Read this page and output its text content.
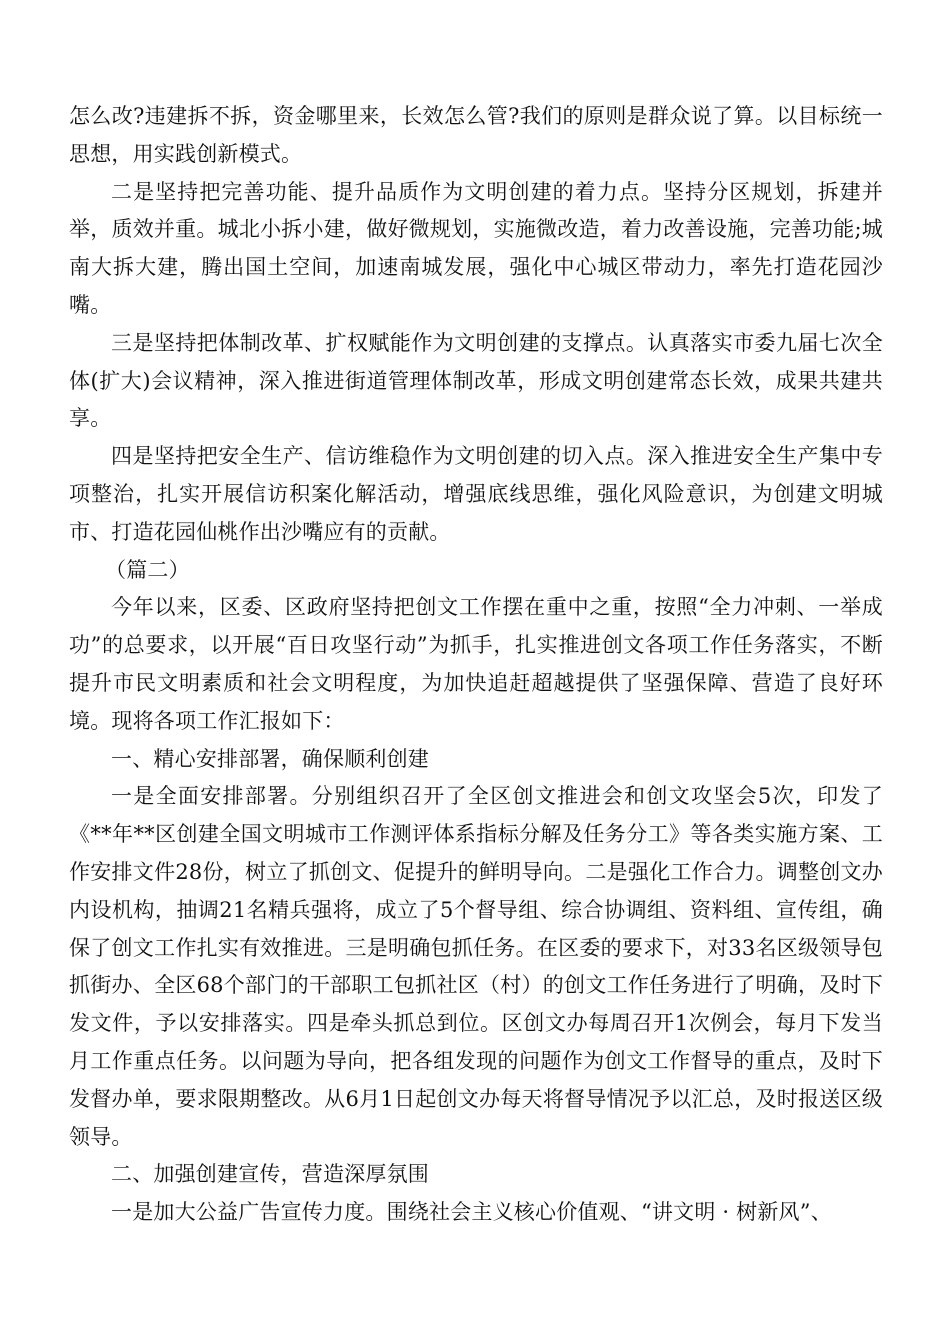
怎么改?违建拆不拆，资金哪里来，长效怎么管?我们的原则是群众说了算。以目标统一思想，用实践创新模式。

二是坚持把完善功能、提升品质作为文明创建的着力点。坚持分区规划，拆建并举，质效并重。城北小拆小建，做好微规划，实施微改造，着力改善设施，完善功能;城南大拆大建，腾出国土空间，加速南城发展，强化中心城区带动力，率先打造花园沙嘴。

三是坚持把体制改革、扩权赋能作为文明创建的支撑点。认真落实市委九届七次全体(扩大)会议精神，深入推进街道管理体制改革，形成文明创建常态长效，成果共建共享。

四是坚持把安全生产、信访维稳作为文明创建的切入点。深入推进安全生产集中专项整治，扎实开展信访积案化解活动，增强底线思维，强化风险意识，为创建文明城市、打造花园仙桃作出沙嘴应有的贡献。

（篇二）

今年以来，区委、区政府坚持把创文工作摆在重中之重，按照“全力冲刺、一举成功”的总要求，以开展“百日攻坚行动”为抓手，扎实推进创文各项工作任务落实，不断提升市民文明素质和社会文明程度，为加快追赶超越提供了坚强保障、营造了良好环境。现将各项工作汇报如下：

一、精心安排部署，确保顺利创建

一是全面安排部署。分别组织召开了全区创文推进会和创文攻坚会5次，印发了《**年**区创建全国文明城市工作测评体系指标分解及任务分工》等各类实施方案、工作安排文件28份，树立了抓创文、促提升的鲜明导向。二是强化工作合力。调整创文办内设机构，抽调21名精兵强将，成立了5个督导组、综合协调组、资料组、宣传组，确保了创文工作扎实有效推进。三是明确包抓任务。在区委的要求下，对33名区级领导包抓街办、全区68个部门的干部职工包抓社区（村）的创文工作任务进行了明确，及时下发文件，予以安排落实。四是牵头抓总到位。区创文办每周召开1次例会，每月下发当月工作重点任务。以问题为导向，把各组发现的问题作为创文工作督导的重点，及时下发督办单，要求限期整改。从6月1日起创文办每天将督导情况予以汇总，及时报送区级领导。

二、加强创建宣传，营造深厚氛围

一是加大公益广告宣传力度。围绕社会主义核心价值观、“讲文明 · 树新风”、
